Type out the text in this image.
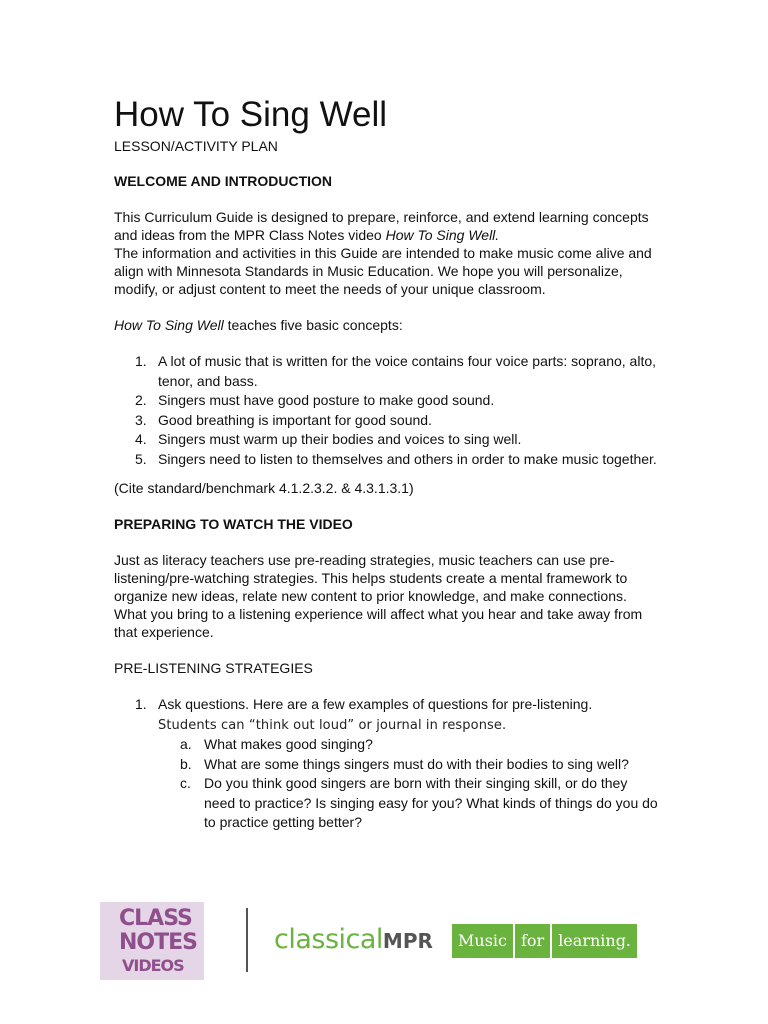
How To Sing Well
LESSON/ACTIVITY PLAN
WELCOME AND INTRODUCTION
This Curriculum Guide is designed to prepare, reinforce, and extend learning concepts and ideas from the MPR Class Notes video How To Sing Well.
The information and activities in this Guide are intended to make music come alive and align with Minnesota Standards in Music Education. We hope you will personalize, modify, or adjust content to meet the needs of your unique classroom.
How To Sing Well teaches five basic concepts:
1. A lot of music that is written for the voice contains four voice parts: soprano, alto, tenor, and bass.
2. Singers must have good posture to make good sound.
3. Good breathing is important for good sound.
4. Singers must warm up their bodies and voices to sing well.
5. Singers need to listen to themselves and others in order to make music together.
(Cite standard/benchmark 4.1.2.3.2. & 4.3.1.3.1)
PREPARING TO WATCH THE VIDEO
Just as literacy teachers use pre-reading strategies, music teachers can use pre-listening/pre-watching strategies. This helps students create a mental framework to organize new ideas, relate new content to prior knowledge, and make connections. What you bring to a listening experience will affect what you hear and take away from that experience.
PRE-LISTENING STRATEGIES
1. Ask questions. Here are a few examples of questions for pre-listening.
Students can “think out loud” or journal in response.
a. What makes good singing?
b. What are some things singers must do with their bodies to sing well?
c. Do you think good singers are born with their singing skill, or do they need to practice? Is singing easy for you? What kinds of things do you do to practice getting better?
CLASS
NOTES
VIDEOS
classicalMPR	Music for learning.
